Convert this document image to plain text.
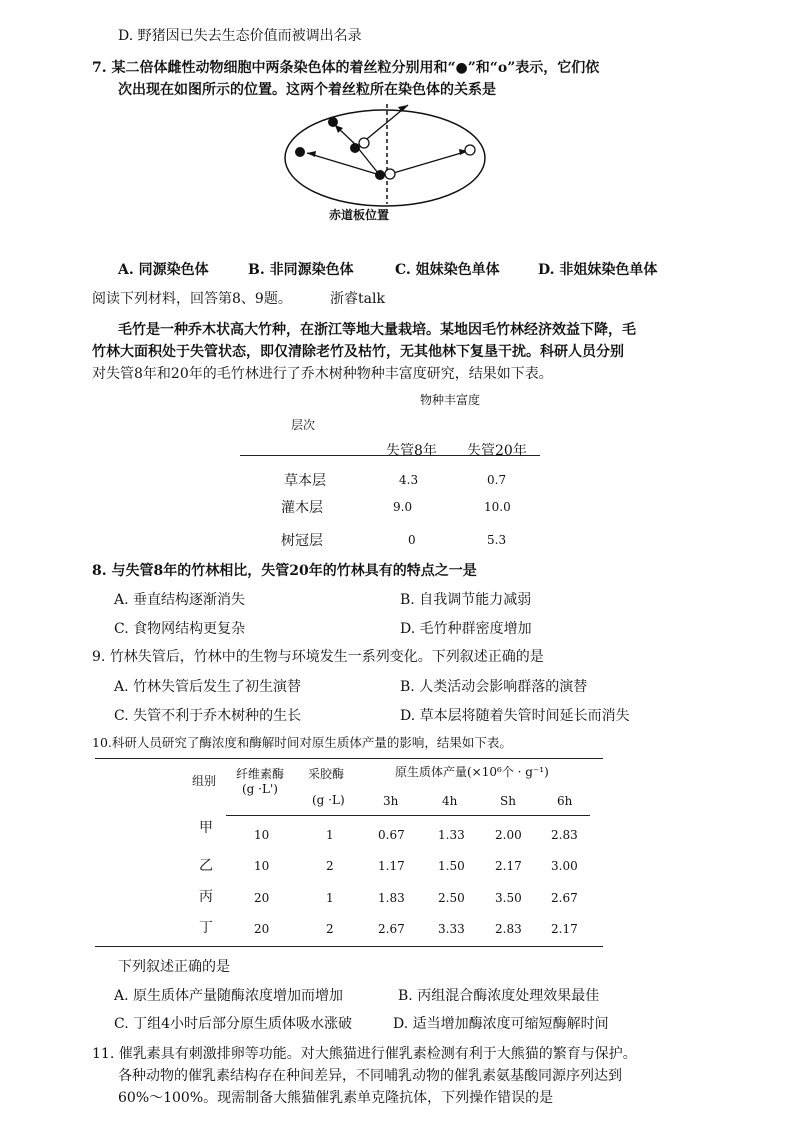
D. 野猪因已失去生态价值而被调出名录
7. 某二倍体雌性动物细胞中两条染色体的着丝粒分别用和“●”和“o”表示，它们依
次出现在如图所示的位置。这两个着丝粒所在染色体的关系是
赤道板位置
A. 同源染色体	B. 非同源染色体	C. 姐妹染色单体	D. 非姐妹染色单体
阅读下列材料，回答第8、9题。	浙睿talk
毛竹是一种乔木状高大竹种，在浙江等地大量栽培。某地因毛竹林经济效益下降，毛
竹林大面积处于失管状态，即仅清除老竹及枯竹，无其他林下复垦干扰。科研人员分别
对失管8年和20年的毛竹林进行了乔木树种物种丰富度研究，结果如下表。
物种丰富度
层次
失管8年 失管20年
草本层	4.3	0.7
灌木层	9.0	10.0
树冠层	0	5.3
8. 与失管8年的竹林相比，失管20年的竹林具有的特点之一是
A. 垂直结构逐渐消失	B. 自我调节能力减弱
C. 食物网结构更复杂	D. 毛竹种群密度增加
9. 竹林失管后，竹林中的生物与环境发生一系列变化。下列叙述正确的是
A. 竹林失管后发生了初生演替	B. 人类活动会影响群落的演替
C. 失管不利于乔木树种的生长	D. 草本层将随着失管时间延长而消失
10.科研人员研究了酶浓度和酶解时间对原生质体产量的影响，结果如下表。
组别 纤维素酶
(g ·L')
采胶酶
(g ·L)
原生质体产量(×10⁶个 · g⁻¹)
3h	4h	Sh	6h
甲	10	1	0.67	1.33	2.00 2.83
乙	10	2	1.17	1.50	2.17 3.00
丙	20	1	1.83	2.50	3.50 2.67
丁	20	2	2.67	3.33	2.83 2.17
下列叙述正确的是
A. 原生质体产量随酶浓度增加而增加	B. 丙组混合酶浓度处理效果最佳
C. 丁组4小时后部分原生质体吸水涨破	D. 适当增加酶浓度可缩短酶解时间
11. 催乳素具有刺激排卵等功能。对大熊猫进行催乳素检测有利于大熊猫的繁育与保护。
各种动物的催乳素结构存在种间差异，不同哺乳动物的催乳素氨基酸同源序列达到
60%～100%。现需制备大熊猫催乳素单克隆抗体，下列操作错误的是
